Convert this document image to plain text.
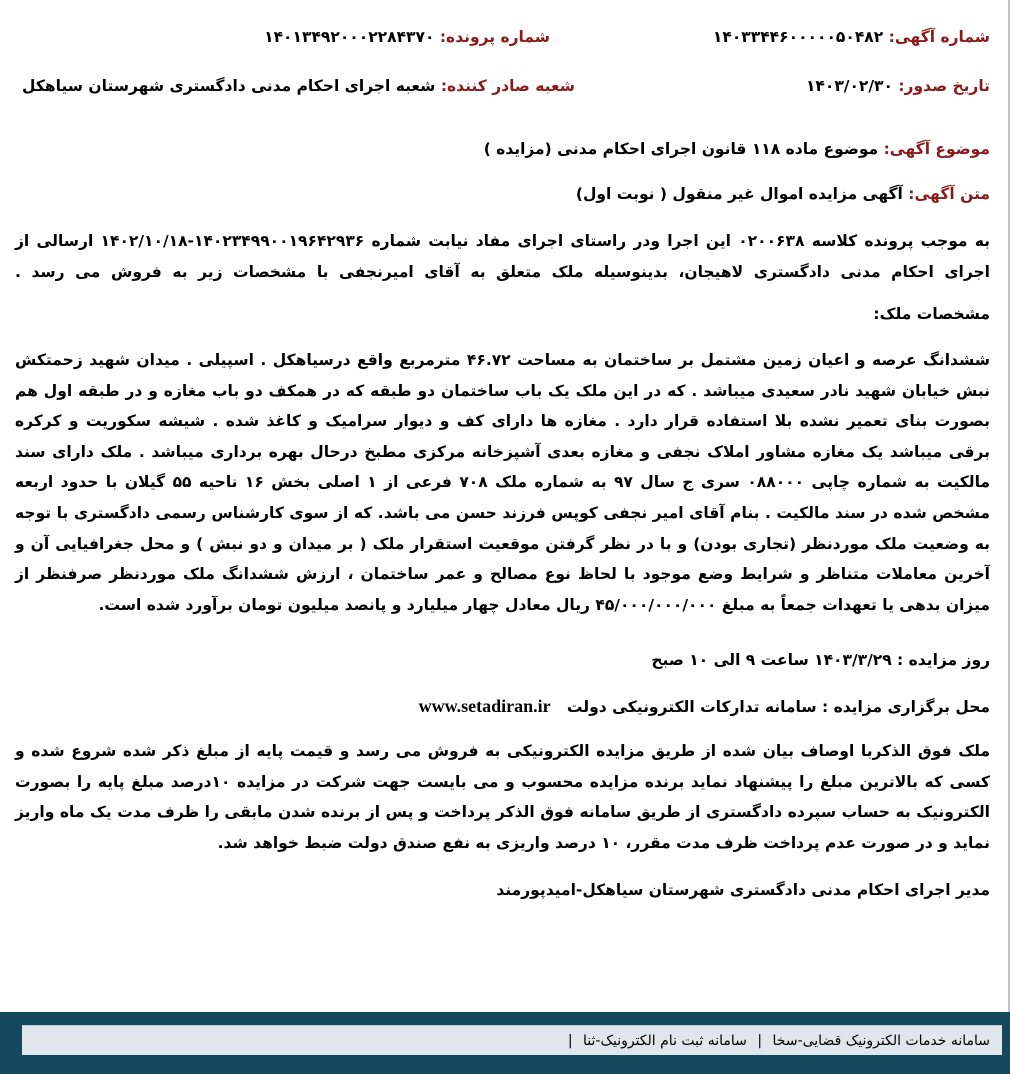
شماره آگهی: ۱۴۰۳۳۴۴۶۰۰۰۰۰۵۰۴۸۲
شماره پرونده: ۱۴۰۱۳۴۹۲۰۰۰۲۲۸۴۳۷۰
تاریخ صدور: ۱۴۰۳/۰۲/۳۰
شعبه صادر کننده: شعبه اجرای احکام مدنی دادگستری شهرستان سیاهکل
موضوع آگهی: موضوع ماده ۱۱۸ قانون اجرای احکام مدنی (مزایده )
متن آگهی: آگهی مزایده اموال غیر منقول ( نوبت اول)
به موجب پرونده کلاسه ۰۲۰۰۶۳۸ این اجرا ودر راستای اجرای مفاد نیابت شماره ۱۴۰۲۳۴۹۹۰۰۱۹۶۴۲۹۳۶-۱۴۰۲/۱۰/۱۸ ارسالی از اجرای احکام مدنی دادگستری لاهیجان، بدینوسیله ملک متعلق به آقای امیرنجفی با مشخصات زیر به فروش می رسد .
مشخصات ملک:
ششدانگ عرصه و اعیان زمین مشتمل بر ساختمان به مساحت ۴۶.۷۲ مترمربع واقع درسیاهکل . اسپیلی . میدان شهید زحمتکش نبش خیابان شهید نادر سعیدی میباشد . که در این ملک یک باب ساختمان دو طبقه که در همکف دو باب مغازه و در طبقه اول هم بصورت بنای تعمیر نشده بلا استفاده قرار دارد . مغازه ها دارای کف و دیوار سرامیک و کاغذ شده . شیشه سکوریت و کرکره برقی میباشد یک مغازه مشاور املاک نجفی و مغازه بعدی آشپزخانه مرکزی مطبخ درحال بهره برداری میباشد . ملک دارای سند مالکیت به شماره چاپی ۰۸۸۰۰۰ سری ج سال ۹۷ به شماره ملک ۷۰۸ فرعی از ۱ اصلی بخش ۱۶ ناحیه ۵۵ گیلان با حدود اربعه مشخص شده در سند مالکیت . بنام آقای امیر نجفی کوپس فرزند حسن می باشد. که از سوی کارشناس رسمی دادگستری با توجه به وضعیت ملک موردنظر (تجاری بودن) و با در نظر گرفتن موقعیت استقرار ملک ( بر میدان و دو نبش ) و محل جغرافیایی آن و آخرین معاملات متناظر و شرایط وضع موجود با لحاظ نوع مصالح و عمر ساختمان ، ارزش ششدانگ ملک موردنظر صرفنظر از میزان بدهی یا تعهدات جمعاً به مبلغ ۴۵/۰۰۰/۰۰۰/۰۰۰ ریال معادل چهار میلیارد و پانصد میلیون تومان برآورد شده است.
روز مزایده : ۱۴۰۳/۳/۲۹ ساعت ۹ الی ۱۰ صبح
محل برگزاری مزایده : سامانه تدارکات الکترونیکی دولت   www.setadiran.ir
ملک فوق الذکربا اوصاف بیان شده از طریق مزایده الکترونیکی به فروش می رسد و قیمت پایه از مبلغ ذکر شده شروع شده و کسی که بالاترین مبلغ را پیشنهاد نماید برنده مزایده محسوب و می بایست جهت شرکت در مزایده ۱۰درصد مبلغ پایه را بصورت الکترونیک به حساب سپرده دادگستری از طریق سامانه فوق الذکر پرداخت و پس از برنده شدن مابقی را ظرف مدت یک ماه واریز نماید و در صورت عدم پرداخت ظرف مدت مقرر، ۱۰ درصد واریزی به نفع صندق دولت ضبط خواهد شد.
مدیر اجرای احکام مدنی دادگستری شهرستان سیاهکل-امیدپورمند
سامانه خدمات الکترونیک قضایی-سخا | سامانه ثبت نام الکترونیک-ثنا |
